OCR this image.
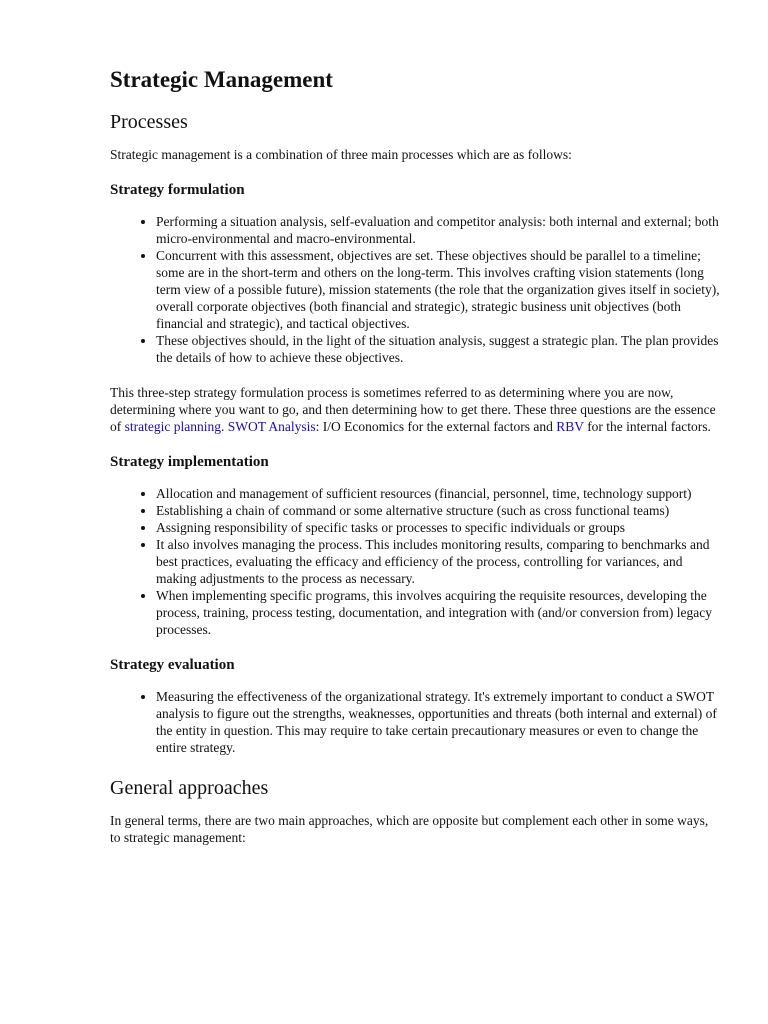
Strategic Management
Processes

Strategic management is a combination of three main processes which are as follows:

Strategy formulation
• Performing a situation analysis, self-evaluation and competitor analysis: both internal and external; both micro-environmental and macro-environmental.
• Concurrent with this assessment, objectives are set. These objectives should be parallel to a timeline; some are in the short-term and others on the long-term. This involves crafting vision statements (long term view of a possible future), mission statements (the role that the organization gives itself in society), overall corporate objectives (both financial and strategic), strategic business unit objectives (both financial and strategic), and tactical objectives.
• These objectives should, in the light of the situation analysis, suggest a strategic plan. The plan provides the details of how to achieve these objectives.

This three-step strategy formulation process is sometimes referred to as determining where you are now, determining where you want to go, and then determining how to get there. These three questions are the essence of strategic planning. SWOT Analysis: I/O Economics for the external factors and RBV for the internal factors.

Strategy implementation
• Allocation and management of sufficient resources (financial, personnel, time, technology support)
• Establishing a chain of command or some alternative structure (such as cross functional teams)
• Assigning responsibility of specific tasks or processes to specific individuals or groups
• It also involves managing the process. This includes monitoring results, comparing to benchmarks and best practices, evaluating the efficacy and efficiency of the process, controlling for variances, and making adjustments to the process as necessary.
• When implementing specific programs, this involves acquiring the requisite resources, developing the process, training, process testing, documentation, and integration with (and/or conversion from) legacy processes.
Strategy evaluation
• Measuring the effectiveness of the organizational strategy. It's extremely important to conduct a SWOT analysis to figure out the strengths, weaknesses, opportunities and threats (both internal and external) of the entity in question. This may require to take certain precautionary measures or even to change the entire strategy.
General approaches

In general terms, there are two main approaches, which are opposite but complement each other in some ways, to strategic management:
